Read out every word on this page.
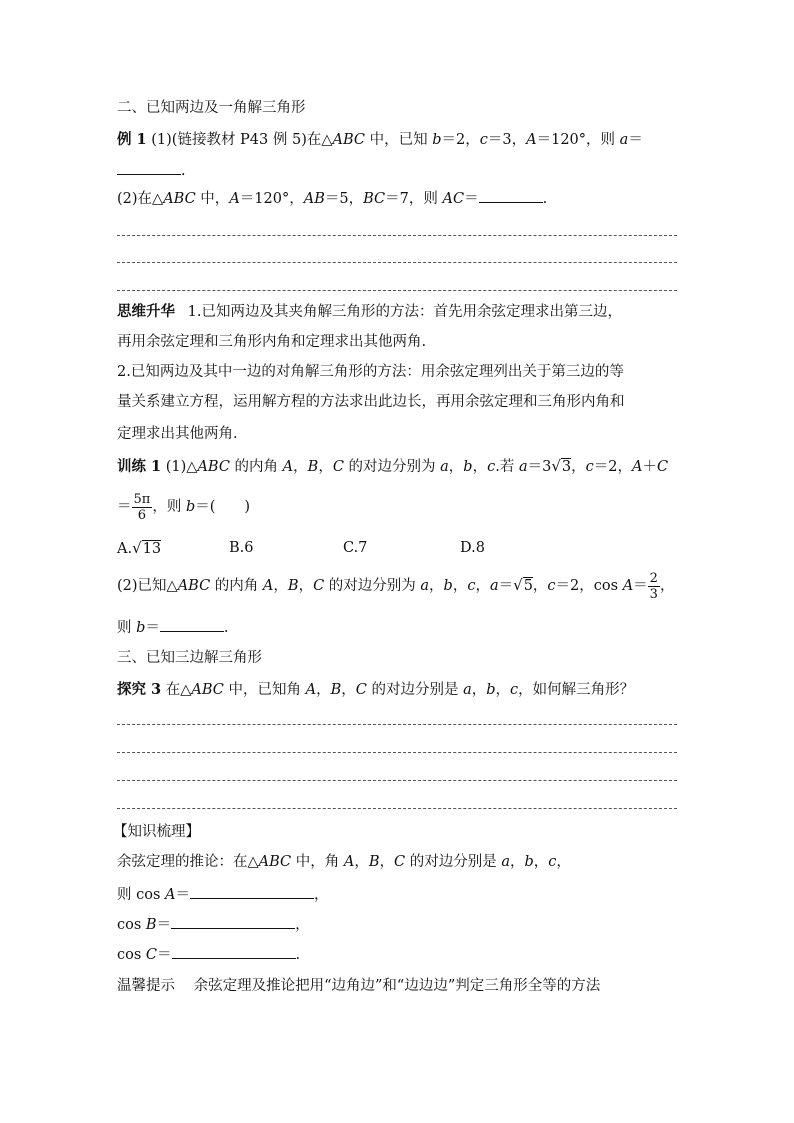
二、已知两边及一角解三角形
例 1 (1)(链接教材 P43 例 5)在△ABC 中，已知 b＝2，c＝3，A＝120°，则 a＝
.
(2)在△ABC 中，A＝120°，AB＝5，BC＝7，则 AC＝	.
思维升华 1.已知两边及其夹角解三角形的方法：首先用余弦定理求出第三边，
再用余弦定理和三角形内角和定理求出其他两角.
2.已知两边及其中一边的对角解三角形的方法：用余弦定理列出关于第三边的等
量关系建立方程，运用解方程的方法求出此边长，再用余弦定理和三角形内角和
定理求出其他两角.
训练 1 (1)△ABC 的内角 A，B，C 的对边分别为 a，b，c.若 a＝3√3，c＝2，A＋C
＝ $\frac{5\pi}{6}$ ，则 b＝(　　)
A.√13	B.6	C.7	D.8
(2)已知△ABC 的内角 A，B，C 的对边分别为 a，b，c，a＝√5，c＝2，$\cos A= \frac{2}{3}$ ，
则 b＝	.
三、已知三边解三角形
探究 3 在△ABC 中，已知角 A，B，C 的对边分别是 a，b，c，如何解三角形？
【知识梳理】
余弦定理的推论：在△ABC 中，角 A，B，C 的对边分别是 a，b，c，
则 cos A＝	，
cos B＝	，
cos C＝	.
温馨提示 余弦定理及推论把用“边角边”和“边边边”判定三角形全等的方法
